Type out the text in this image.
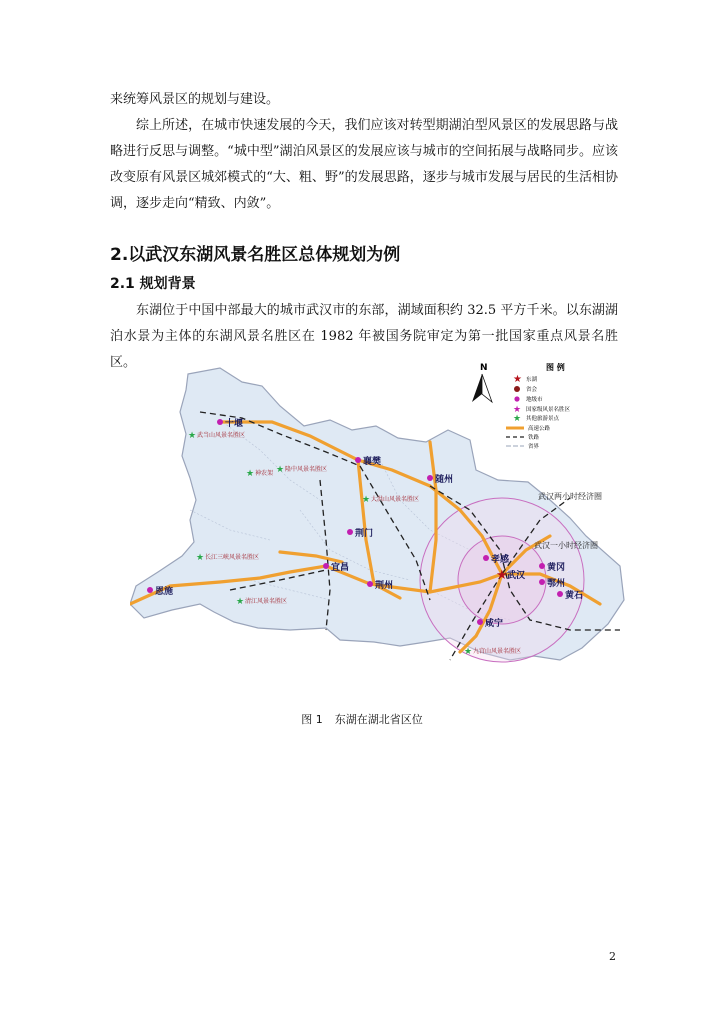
来统筹风景区的规划与建设。

综上所述，在城市快速发展的今天，我们应该对转型期湖泊型风景区的发展思路与战略进行反思与调整。“城中型”湖泊风景区的发展应该与城市的空间拓展与战略同步。应该改变原有风景区城郊模式的“大、粗、野”的发展思路，逐步与城市发展与居民的生活相协调，逐步走向“精致、内敛”。

2.以武汉东湖风景名胜区总体规划为例
2.1 规划背景

东湖位于中国中部最大的城市武汉市的东部，湖域面积约 32.5 平方千米。以东湖湖泊水景为主体的东湖风景名胜区在 1982 年被国务院审定为第一批国家重点风景名胜区。

十堰
襄樊
随州
孝感
★ 武汉
黄冈
鄂州
黄石
咸宁
荆门
荆州
宜昌
恩施
★ 武当山风景名胜区
★ 隆中风景名胜区
★ 大洪山风景名胜区
★ 九宫山风景名胜区
★ 清江风景名胜区
★ 长江三峡风景名胜区
★ 神农架
武汉两小时经济圈
武汉一小时经济圈
N	图 例
★ 东湖
省会
地级市
★ 国家级风景名胜区
★ 其他旅游景点
高速公路
铁路
省界
图 1 东湖在湖北省区位
2
